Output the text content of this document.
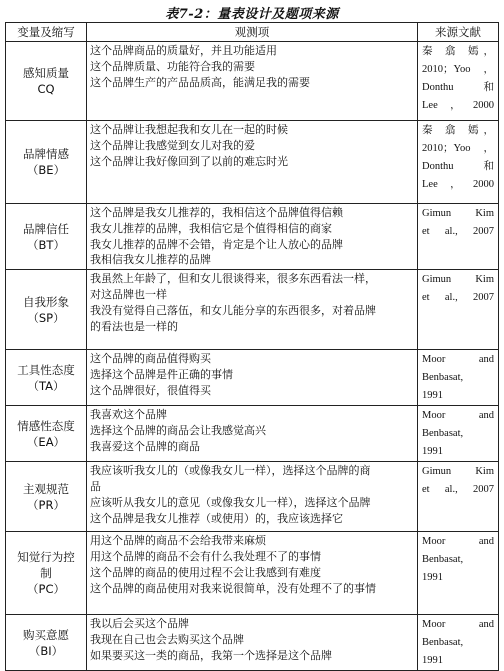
表7-2：量表设计及题项来源
变量及缩写	观测项	来源文献

感知质量
CQ	这个品牌商品的质量好，并且功能适用
这个品牌质量、功能符合我的需要
这个品牌生产的产品品质高，能满足我的需要	秦 翕 嫣，
2010；Yoo，
Donthu 和
Lee，2000

品牌情感
（BE）	这个品牌让我想起我和女儿在一起的时候
这个品牌让我感觉到女儿对我的爱
这个品牌让我好像回到了以前的难忘时光	秦 翕 嫣，
2010；Yoo，
Donthu 和
Lee，2000

品牌信任
（BT）	这个品牌是我女儿推荐的，我相信这个品牌值得信赖
我女儿推荐的品牌，我相信它是个值得相信的商家
我女儿推荐的品牌不会错，肯定是个让人放心的品牌
我相信我女儿推荐的品牌	Gimun Kim
et al., 2007

自我形象
（SP）	我虽然上年龄了，但和女儿很谈得来，很多东西看法一样，
对这品牌也一样
我没有觉得自己落伍，和女儿能分享的东西很多，对着品牌
的看法也是一样的	Gimun Kim
et al., 2007

工具性态度
（TA）	这个品牌的商品值得购买
选择这个品牌是件正确的事情
这个品牌很好，很值得买	Moor and
Benbasat,
1991

情感性态度
（EA）	我喜欢这个品牌
选择这个品牌的商品会让我感觉高兴
我喜爱这个品牌的商品	Moor and
Benbasat,
1991

主观规范
（PR）	我应该听我女儿的（或像我女儿一样），选择这个品牌的商
品
应该听从我女儿的意见（或像我女儿一样），选择这个品牌
这个品牌是我女儿推荐（或使用）的，我应该选择它	Gimun Kim
et al., 2007

知觉行为控
制
（PC）	用这个品牌的商品不会给我带来麻烦
用这个品牌的商品不会有什么我处理不了的事情
这个品牌的商品的使用过程不会让我感到有难度
这个品牌的商品使用对我来说很简单，没有处理不了的事情	Moor and
Benbasat,
1991

购买意愿
（BI）	我以后会买这个品牌
我现在自己也会去购买这个品牌
如果要买这一类的商品，我第一个选择是这个品牌	Moor and
Benbasat,
1991
